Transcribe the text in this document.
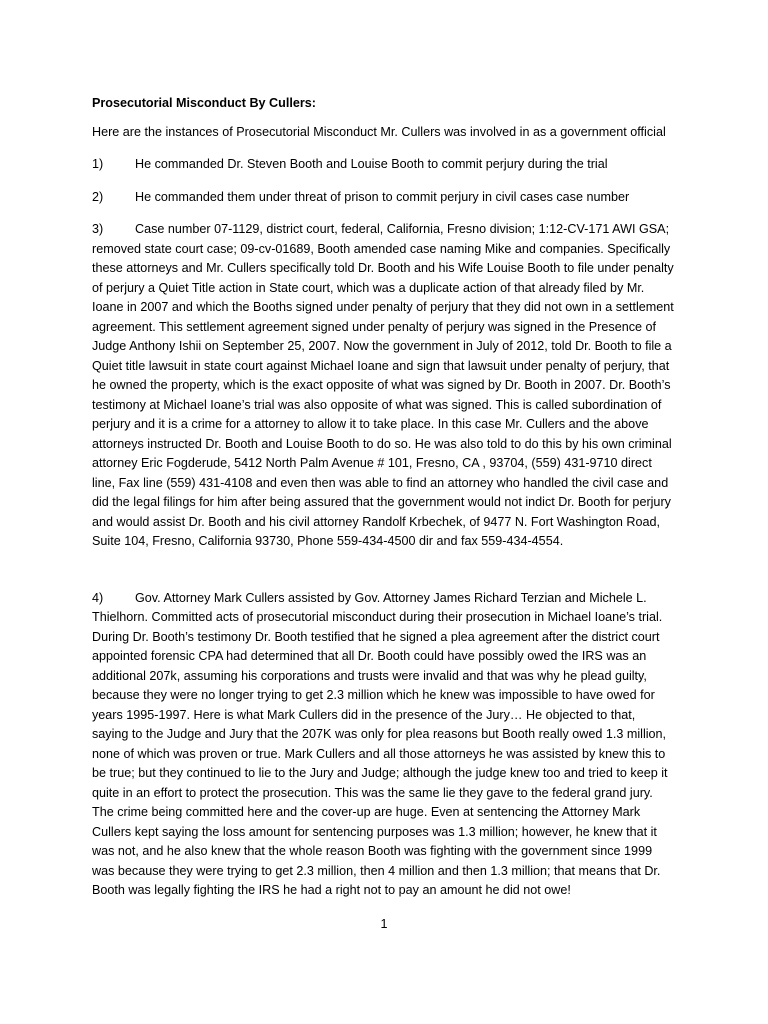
Prosecutorial Misconduct By Cullers:

Here are the instances of Prosecutorial Misconduct Mr. Cullers was involved in as a government official

1)	He commanded Dr. Steven Booth and Louise Booth to commit perjury during the trial

2)	He commanded them under threat of prison to commit perjury in civil cases case number

3)	Case number 07-1129, district court, federal, California, Fresno division; 1:12-CV-171 AWI GSA; removed state court case; 09-cv-01689, Booth amended case naming Mike and companies. Specifically these attorneys and Mr. Cullers specifically told Dr. Booth and his Wife Louise Booth to file under penalty of perjury a Quiet Title action in State court, which was a duplicate action of that already filed by Mr. Ioane in 2007 and which the Booths signed under penalty of perjury that they did not own in a settlement agreement. This settlement agreement signed under penalty of perjury was signed in the Presence of Judge Anthony Ishii on September 25, 2007. Now the government in July of 2012, told Dr. Booth to file a Quiet title lawsuit in state court against Michael Ioane and sign that lawsuit under penalty of perjury, that he owned the property, which is the exact opposite of what was signed by Dr. Booth in 2007. Dr. Booth’s testimony at Michael Ioane’s trial was also opposite of what was signed. This is called subordination of perjury and it is a crime for a attorney to allow it to take place. In this case Mr. Cullers and the above attorneys instructed Dr. Booth and Louise Booth to do so. He was also told to do this by his own criminal attorney Eric Fogderude, 5412 North Palm Avenue # 101, Fresno, CA , 93704, (559) 431-9710 direct line, Fax line (559) 431-4108 and even then was able to find an attorney who handled the civil case and did the legal filings for him after being assured that the government would not indict Dr. Booth for perjury and would assist Dr. Booth and his civil attorney Randolf Krbechek, of 9477 N. Fort Washington Road, Suite 104, Fresno, California 93730, Phone 559-434-4500 dir and fax 559-434-4554.

4)	Gov. Attorney Mark Cullers assisted by Gov. Attorney James Richard Terzian and Michele L. Thielhorn. Committed acts of prosecutorial misconduct during their prosecution in Michael Ioane’s trial. During Dr. Booth’s testimony Dr. Booth testified that he signed a plea agreement after the district court appointed forensic CPA had determined that all Dr. Booth could have possibly owed the IRS was an additional 207k, assuming his corporations and trusts were invalid and that was why he plead guilty, because they were no longer trying to get 2.3 million which he knew was impossible to have owed for years 1995-1997. Here is what Mark Cullers did in the presence of the Jury… He objected to that, saying to the Judge and Jury that the 207K was only for plea reasons but Booth really owed 1.3 million, none of which was proven or true. Mark Cullers and all those attorneys he was assisted by knew this to be true; but they continued to lie to the Jury and Judge; although the judge knew too and tried to keep it quite in an effort to protect the prosecution. This was the same lie they gave to the federal grand jury. The crime being committed here and the cover-up are huge. Even at sentencing the Attorney Mark Cullers kept saying the loss amount for sentencing purposes was 1.3 million; however, he knew that it was not, and he also knew that the whole reason Booth was fighting with the government since 1999 was because they were trying to get 2.3 million, then 4 million and then 1.3 million; that means that Dr. Booth was legally fighting the IRS he had a right not to pay an amount he did not owe!

1
